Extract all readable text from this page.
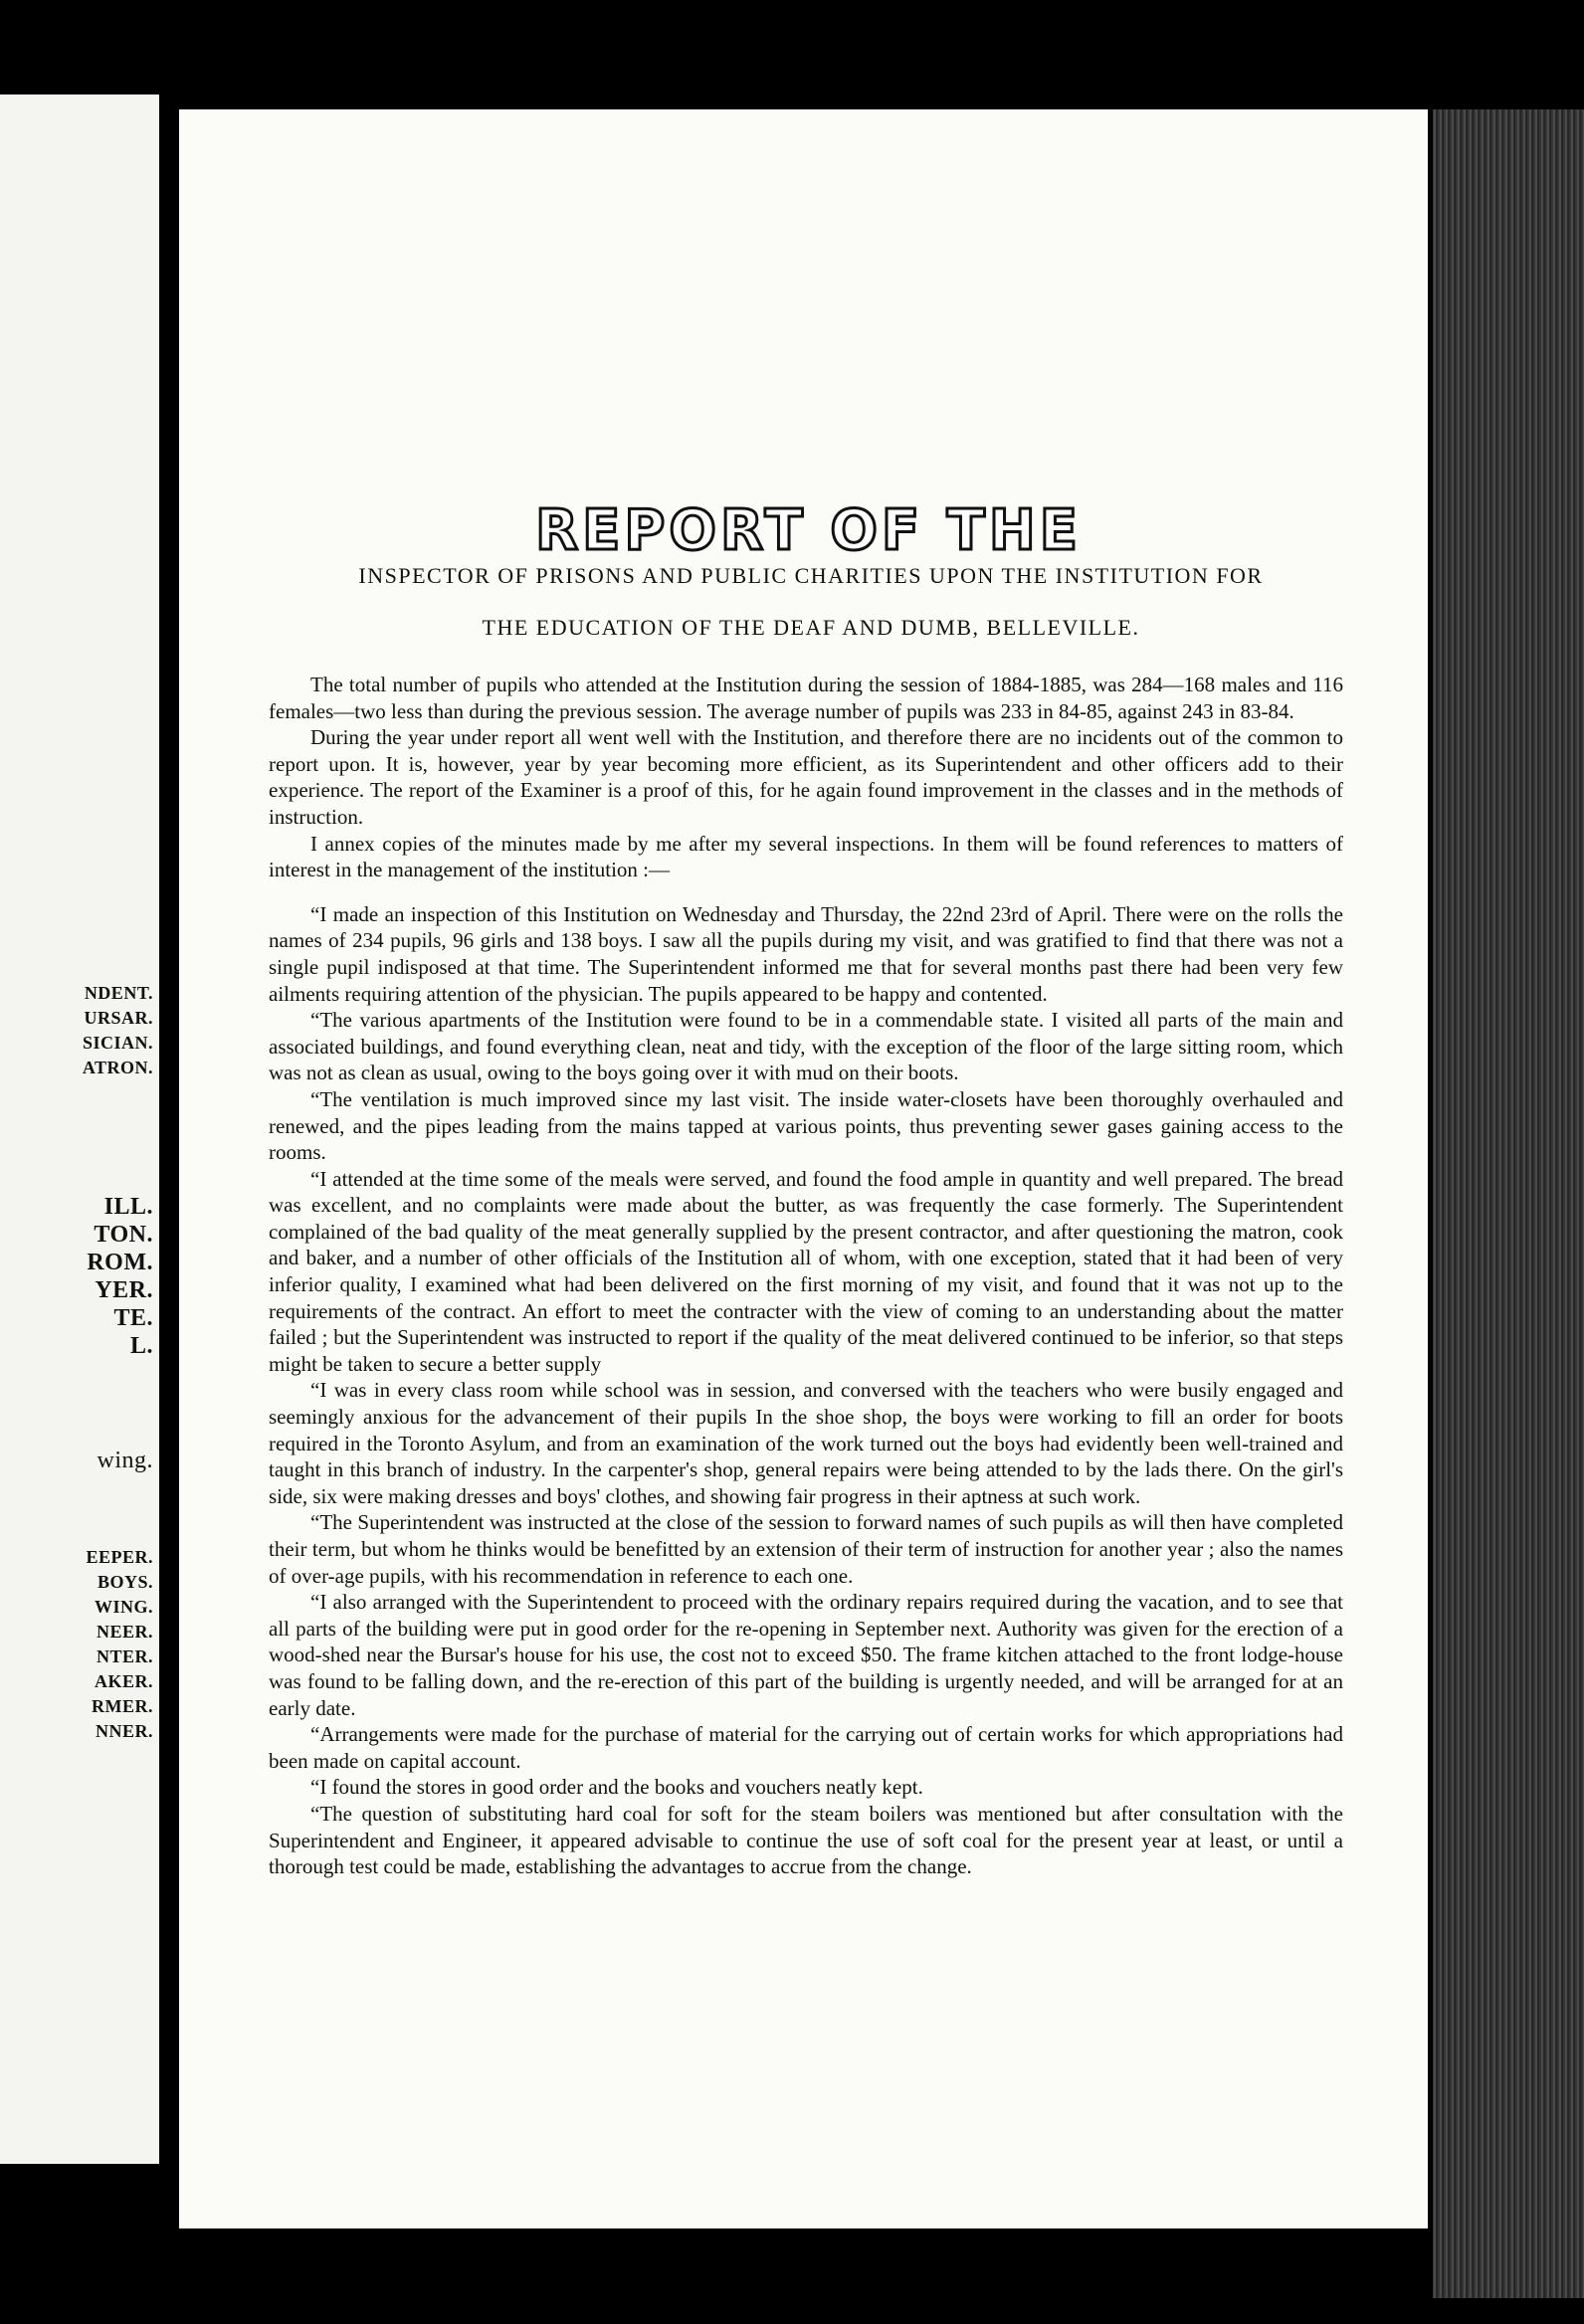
NDENT.
URSAR.
SICIAN.
ATRON.
ILL.
TON.
ROM.
YER.
TE.
L.
wing.
EEPER.
BOYS.
WING.
NEER.
NTER.
AKER.
RMER.
NNER.
REPORT OF THE
INSPECTOR OF PRISONS AND PUBLIC CHARITIES UPON THE INSTITUTION FOR
THE EDUCATION OF THE DEAF AND DUMB, BELLEVILLE.

The total number of pupils who attended at the Institution during the session of 1884-1885, was 284—168 males and 116 females—two less than during the previous session. The average number of pupils was 233 in 84-85, against 243 in 83-84.

During the year under report all went well with the Institution, and therefore there are no incidents out of the common to report upon. It is, however, year by year becoming more efficient, as its Superintendent and other officers add to their experience. The report of the Examiner is a proof of this, for he again found improvement in the classes and in the methods of instruction.

I annex copies of the minutes made by me after my several inspections. In them will be found references to matters of interest in the management of the institution :—

“I made an inspection of this Institution on Wednesday and Thursday, the 22nd 23rd of April. There were on the rolls the names of 234 pupils, 96 girls and 138 boys. I saw all the pupils during my visit, and was gratified to find that there was not a single pupil indisposed at that time. The Superintendent informed me that for several months past there had been very few ailments requiring attention of the physician. The pupils appeared to be happy and contented.

“The various apartments of the Institution were found to be in a commendable state. I visited all parts of the main and associated buildings, and found everything clean, neat and tidy, with the exception of the floor of the large sitting room, which was not as clean as usual, owing to the boys going over it with mud on their boots.

“The ventilation is much improved since my last visit. The inside water-closets have been thoroughly overhauled and renewed, and the pipes leading from the mains tapped at various points, thus preventing sewer gases gaining access to the rooms.

“I attended at the time some of the meals were served, and found the food ample in quantity and well prepared. The bread was excellent, and no complaints were made about the butter, as was frequently the case formerly. The Superintendent complained of the bad quality of the meat generally supplied by the present contractor, and after questioning the matron, cook and baker, and a number of other officials of the Institution all of whom, with one exception, stated that it had been of very inferior quality, I examined what had been delivered on the first morning of my visit, and found that it was not up to the requirements of the contract. An effort to meet the contracter with the view of coming to an understanding about the matter failed ; but the Superintendent was instructed to report if the quality of the meat delivered continued to be inferior, so that steps might be taken to secure a better supply

“I was in every class room while school was in session, and conversed with the teachers who were busily engaged and seemingly anxious for the advancement of their pupils In the shoe shop, the boys were working to fill an order for boots required in the Toronto Asylum, and from an examination of the work turned out the boys had evidently been well-trained and taught in this branch of industry. In the carpenter's shop, general repairs were being attended to by the lads there. On the girl's side, six were making dresses and boys' clothes, and showing fair progress in their aptness at such work.

“The Superintendent was instructed at the close of the session to forward names of such pupils as will then have completed their term, but whom he thinks would be benefitted by an extension of their term of instruction for another year ; also the names of over-age pupils, with his recommendation in reference to each one.

“I also arranged with the Superintendent to proceed with the ordinary repairs required during the vacation, and to see that all parts of the building were put in good order for the re-opening in September next. Authority was given for the erection of a wood-shed near the Bursar's house for his use, the cost not to exceed $50. The frame kitchen attached to the front lodge-house was found to be falling down, and the re-erection of this part of the building is urgently needed, and will be arranged for at an early date.

“Arrangements were made for the purchase of material for the carrying out of certain works for which appropriations had been made on capital account.

“I found the stores in good order and the books and vouchers neatly kept.

“The question of substituting hard coal for soft for the steam boilers was mentioned but after consultation with the Superintendent and Engineer, it appeared advisable to continue the use of soft coal for the present year at least, or until a thorough test could be made, establishing the advantages to accrue from the change.
